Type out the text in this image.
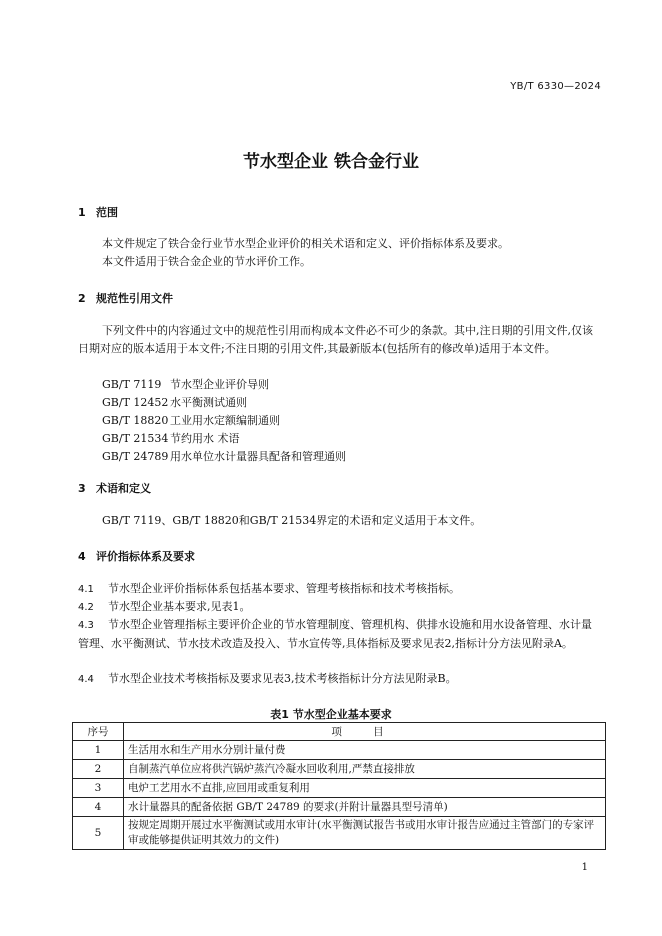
YB/T 6330—2024
节水型企业 铁合金行业
1 范围
本文件规定了铁合金行业节水型企业评价的相关术语和定义、评价指标体系及要求。
本文件适用于铁合金企业的节水评价工作。
2 规范性引用文件
下列文件中的内容通过文中的规范性引用而构成本文件必不可少的条款。其中,注日期的引用文件,仅该日期对应的版本适用于本文件;不注日期的引用文件,其最新版本(包括所有的修改单)适用于本文件。
GB/T 7119 节水型企业评价导则
GB/T 12452 水平衡测试通则
GB/T 18820 工业用水定额编制通则
GB/T 21534 节约用水 术语
GB/T 24789 用水单位水计量器具配备和管理通则
3 术语和定义
GB/T 7119、GB/T 18820和GB/T 21534界定的术语和定义适用于本文件。
4 评价指标体系及要求
4.1 节水型企业评价指标体系包括基本要求、管理考核指标和技术考核指标。
4.2 节水型企业基本要求,见表1。
4.3 节水型企业管理指标主要评价企业的节水管理制度、管理机构、供排水设施和用水设备管理、水计量管理、水平衡测试、节水技术改造及投入、节水宣传等,具体指标及要求见表2,指标计分方法见附录A。
4.4 节水型企业技术考核指标及要求见表3,技术考核指标计分方法见附录B。
表1 节水型企业基本要求
序号	项 目
1	生活用水和生产用水分别计量付费
2	自制蒸汽单位应将供汽锅炉蒸汽冷凝水回收利用,严禁直接排放
3	电炉工艺用水不直排,应回用或重复利用
4	水计量器具的配备依据 GB/T 24789 的要求(并附计量器具型号清单)
5	按规定周期开展过水平衡测试或用水审计(水平衡测试报告书或用水审计报告应通过主管部门的专家评审或能够提供证明其效力的文件)
1
